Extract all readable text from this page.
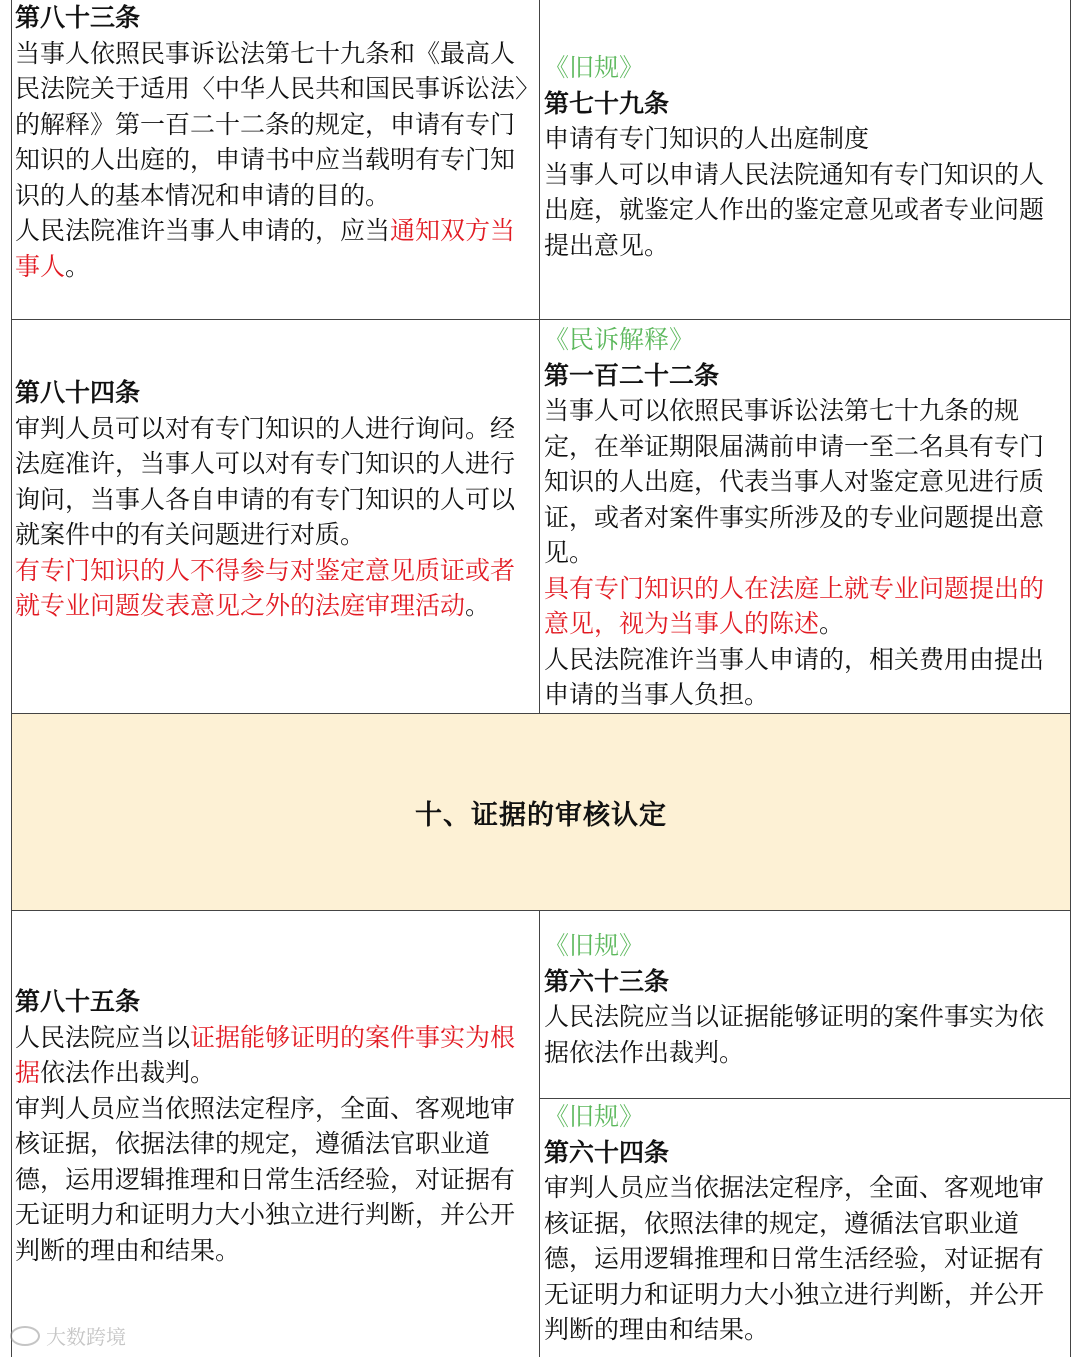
第八十三条

当事人依照民事诉讼法第七十九条和《最高人民法院关于适用〈中华人民共和国民事诉讼法〉的解释》第一百二十二条的规定，申请有专门知识的人出庭的，申请书中应当载明有专门知识的人的基本情况和申请的目的。

人民法院准许当事人申请的，应当通知双方当事人。

《旧规》

第七十九条

申请有专门知识的人出庭制度

当事人可以申请人民法院通知有专门知识的人出庭，就鉴定人作出的鉴定意见或者专业问题提出意见。

第八十四条

审判人员可以对有专门知识的人进行询问。经法庭准许，当事人可以对有专门知识的人进行询问，当事人各自申请的有专门知识的人可以就案件中的有关问题进行对质。

有专门知识的人不得参与对鉴定意见质证或者就专业问题发表意见之外的法庭审理活动。

《民诉解释》

第一百二十二条

当事人可以依照民事诉讼法第七十九条的规定，在举证期限届满前申请一至二名具有专门知识的人出庭，代表当事人对鉴定意见进行质证，或者对案件事实所涉及的专业问题提出意见。

具有专门知识的人在法庭上就专业问题提出的意见，视为当事人的陈述。

人民法院准许当事人申请的，相关费用由提出申请的当事人负担。

十、证据的审核认定

第八十五条

人民法院应当以证据能够证明的案件事实为根据依法作出裁判。

审判人员应当依照法定程序，全面、客观地审核证据，依据法律的规定，遵循法官职业道德，运用逻辑推理和日常生活经验，对证据有无证明力和证明力大小独立进行判断，并公开判断的理由和结果。

《旧规》

第六十三条

人民法院应当以证据能够证明的案件事实为依据依法作出裁判。

《旧规》

第六十四条

审判人员应当依据法定程序，全面、客观地审核证据，依照法律的规定，遵循法官职业道德，运用逻辑推理和日常生活经验，对证据有无证明力和证明力大小独立进行判断，并公开判断的理由和结果。

大数跨境
